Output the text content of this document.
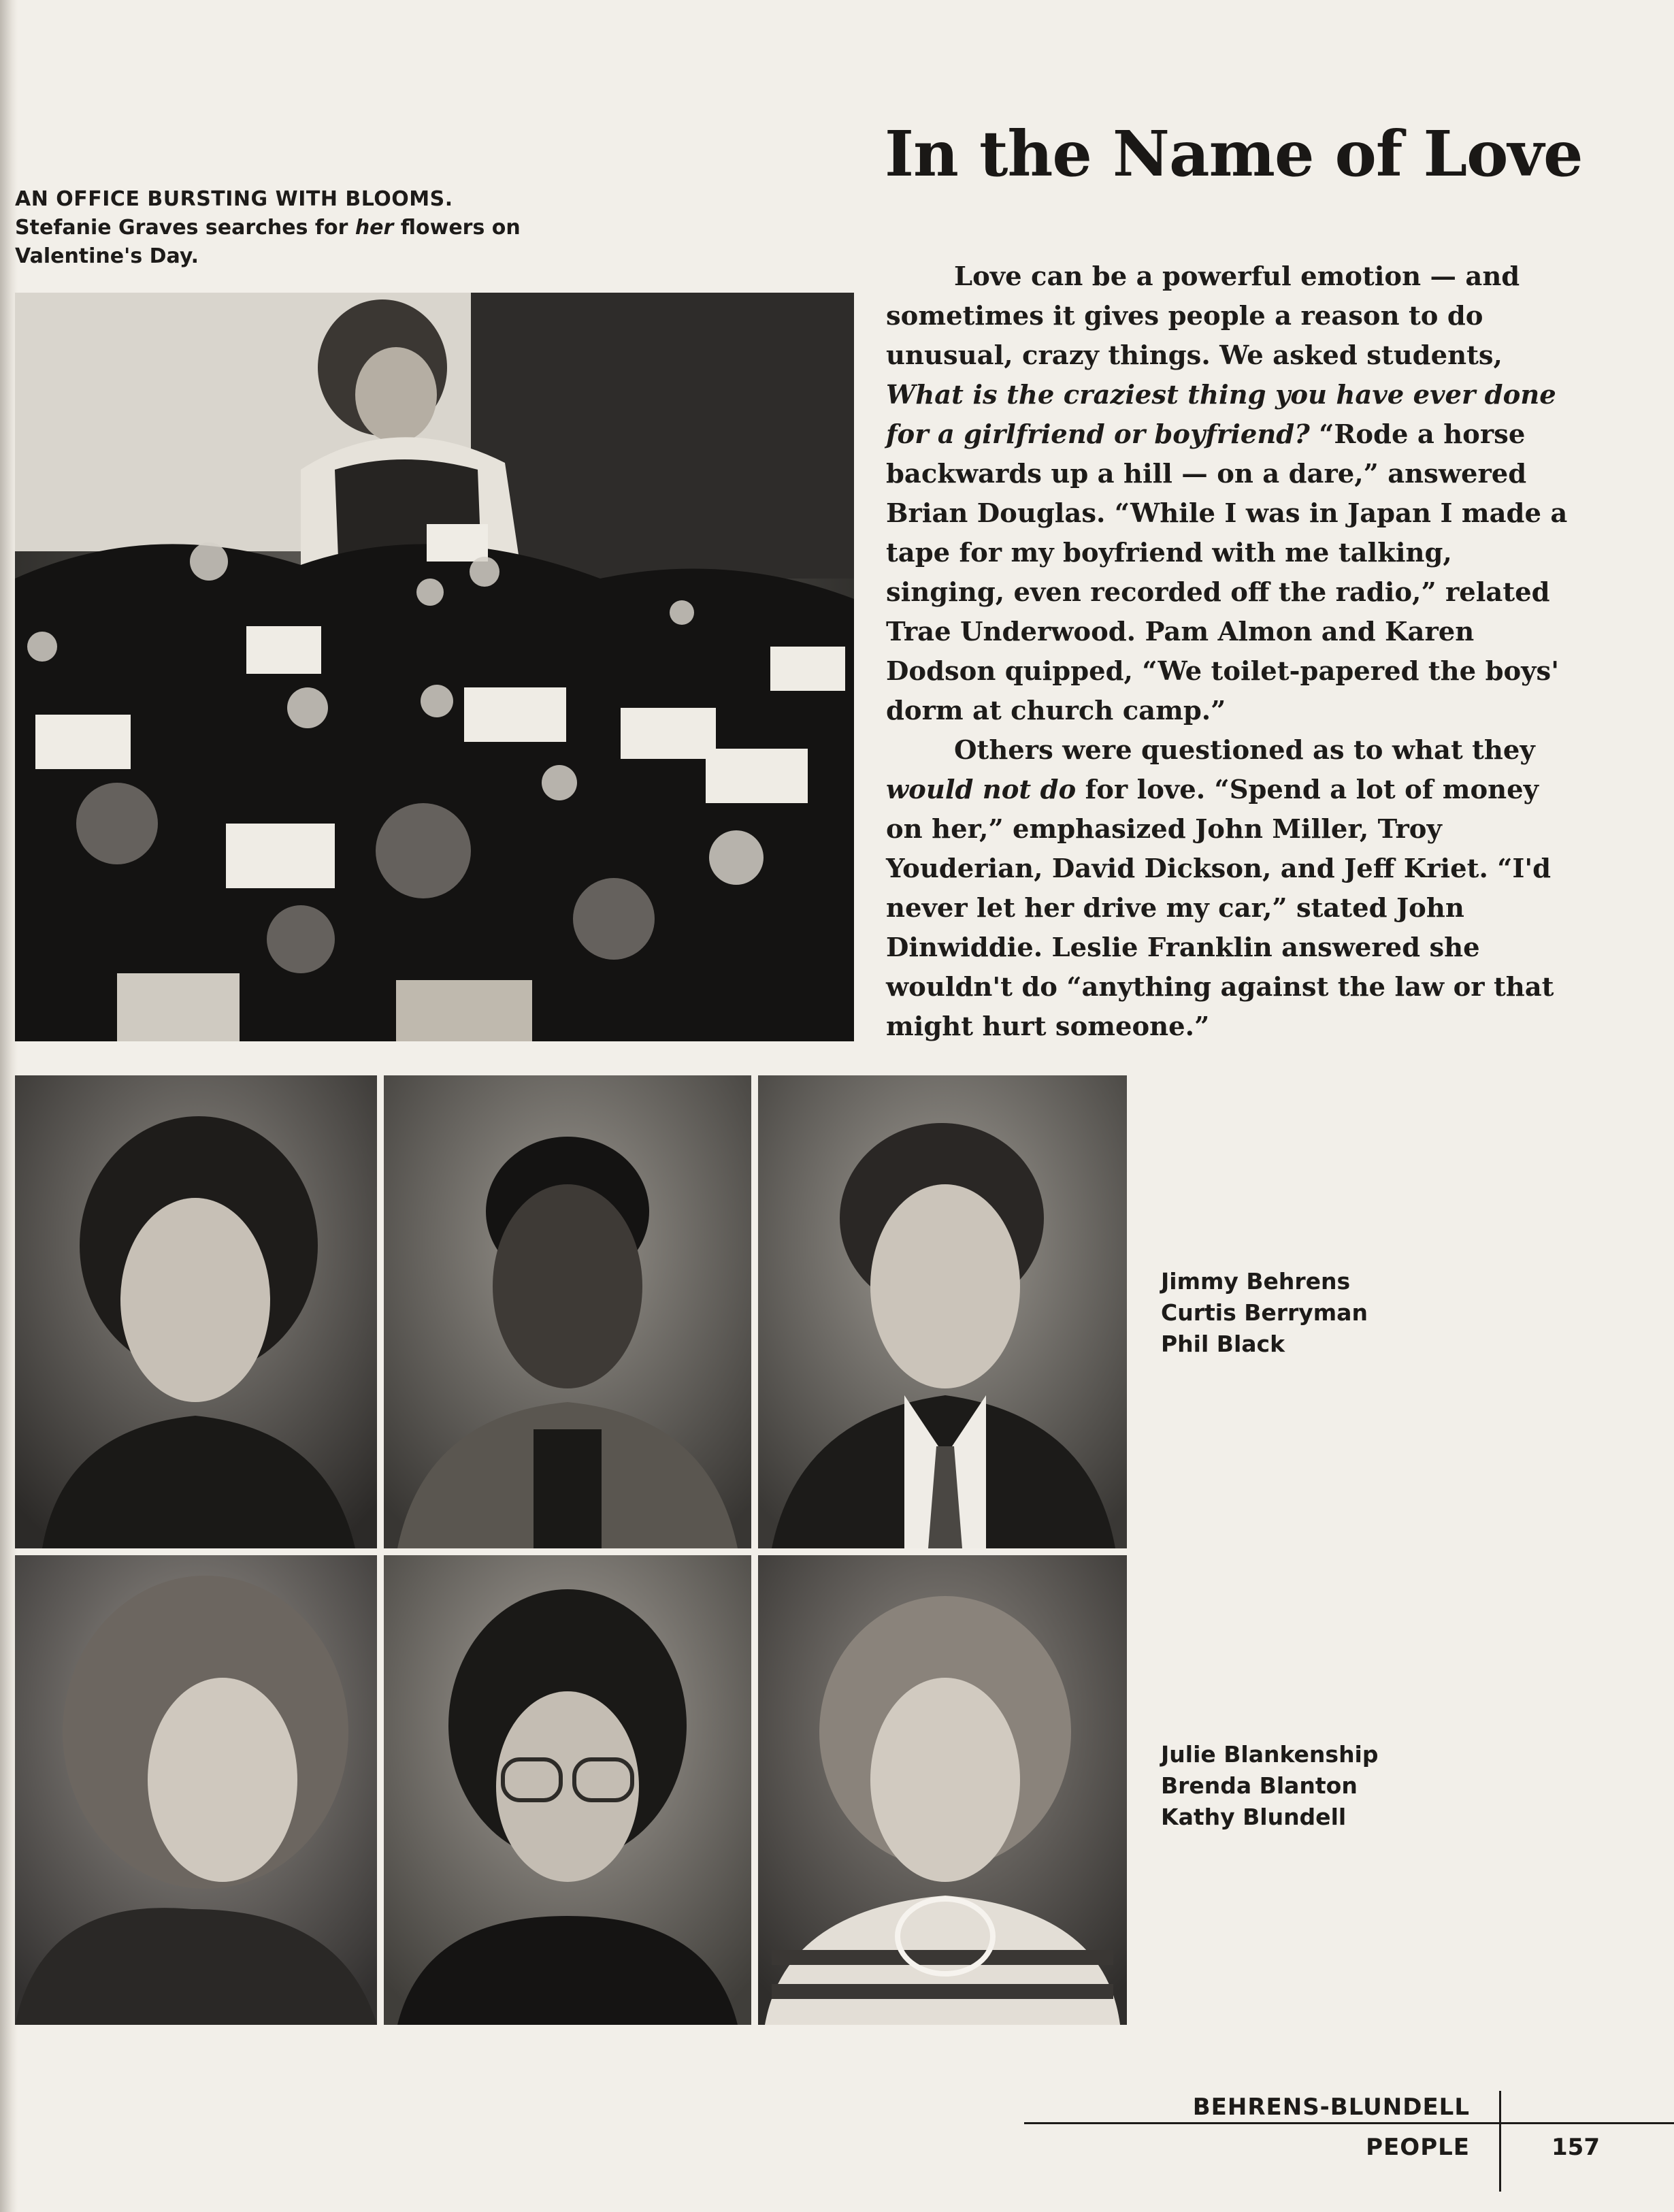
In the Name of Love
AN OFFICE BURSTING WITH BLOOMS.
Stefanie Graves searches for her flowers on Valentine's Day.

Love can be a powerful emotion — and sometimes it gives people a reason to do unusual, crazy things. We asked students, What is the craziest thing you have ever done for a girlfriend or boyfriend? “Rode a horse backwards up a hill — on a dare,” answered Brian Douglas. “While I was in Japan I made a tape for my boyfriend with me talking, singing, even recorded off the radio,” related Trae Underwood. Pam Almon and Karen Dodson quipped, “We toilet-papered the boys' dorm at church camp.”

Others were questioned as to what they would not do for love. “Spend a lot of money on her,” emphasized John Miller, Troy Youderian, David Dickson, and Jeff Kriet. “I'd never let her drive my car,” stated John Dinwiddie. Leslie Franklin answered she wouldn't do “anything against the law or that might hurt someone.”

Jimmy Behrens
Curtis Berryman
Phil Black
Julie Blankenship
Brenda Blanton
Kathy Blundell
BEHRENS-BLUNDELL
PEOPLE	157
